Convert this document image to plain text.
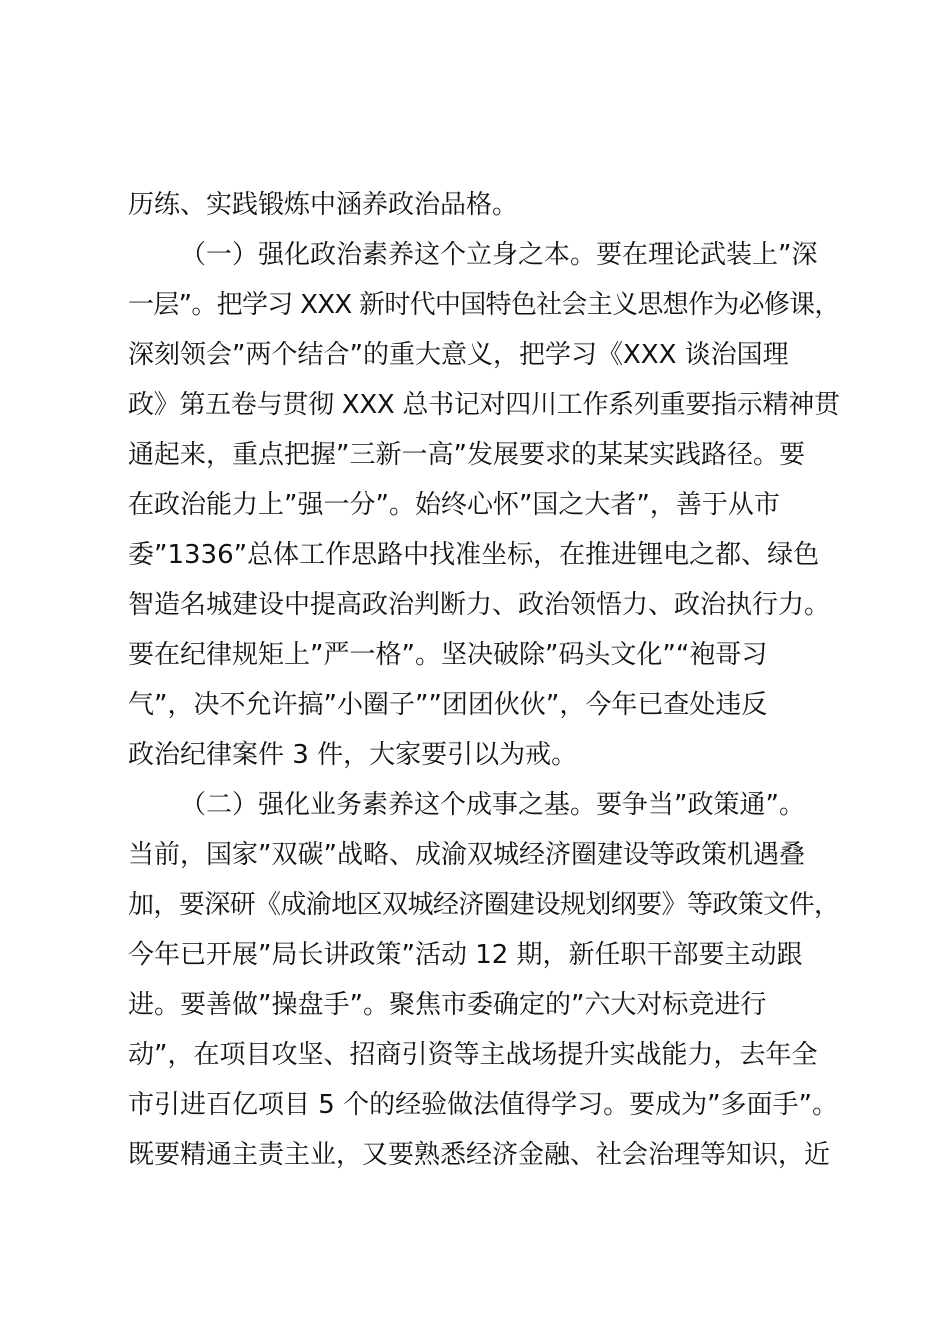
历练、实践锻炼中涵养政治品格。
（一）强化政治素养这个立身之本。要在理论武装上”深
一层”。把学习 XXX 新时代中国特色社会主义思想作为必修课，
深刻领会”两个结合”的重大意义，把学习《XXX 谈治国理
政》第五卷与贯彻 XXX 总书记对四川工作系列重要指示精神贯
通起来，重点把握”三新一高”发展要求的某某实践路径。要
在政治能力上”强一分”。始终心怀”国之大者”，善于从市
委”1336”总体工作思路中找准坐标，在推进锂电之都、绿色
智造名城建设中提高政治判断力、政治领悟力、政治执行力。
要在纪律规矩上”严一格”。坚决破除”码头文化”“袍哥习
气”，决不允许搞”小圈子””团团伙伙”，今年已查处违反
政治纪律案件 3 件，大家要引以为戒。
（二）强化业务素养这个成事之基。要争当”政策通”。
当前，国家”双碳”战略、成渝双城经济圈建设等政策机遇叠
加，要深研《成渝地区双城经济圈建设规划纲要》等政策文件，
今年已开展”局长讲政策”活动 12 期，新任职干部要主动跟
进。要善做”操盘手”。聚焦市委确定的”六大对标竞进行
动”，在项目攻坚、招商引资等主战场提升实战能力，去年全
市引进百亿项目 5 个的经验做法值得学习。要成为”多面手”。
既要精通主责主业，又要熟悉经济金融、社会治理等知识，近
